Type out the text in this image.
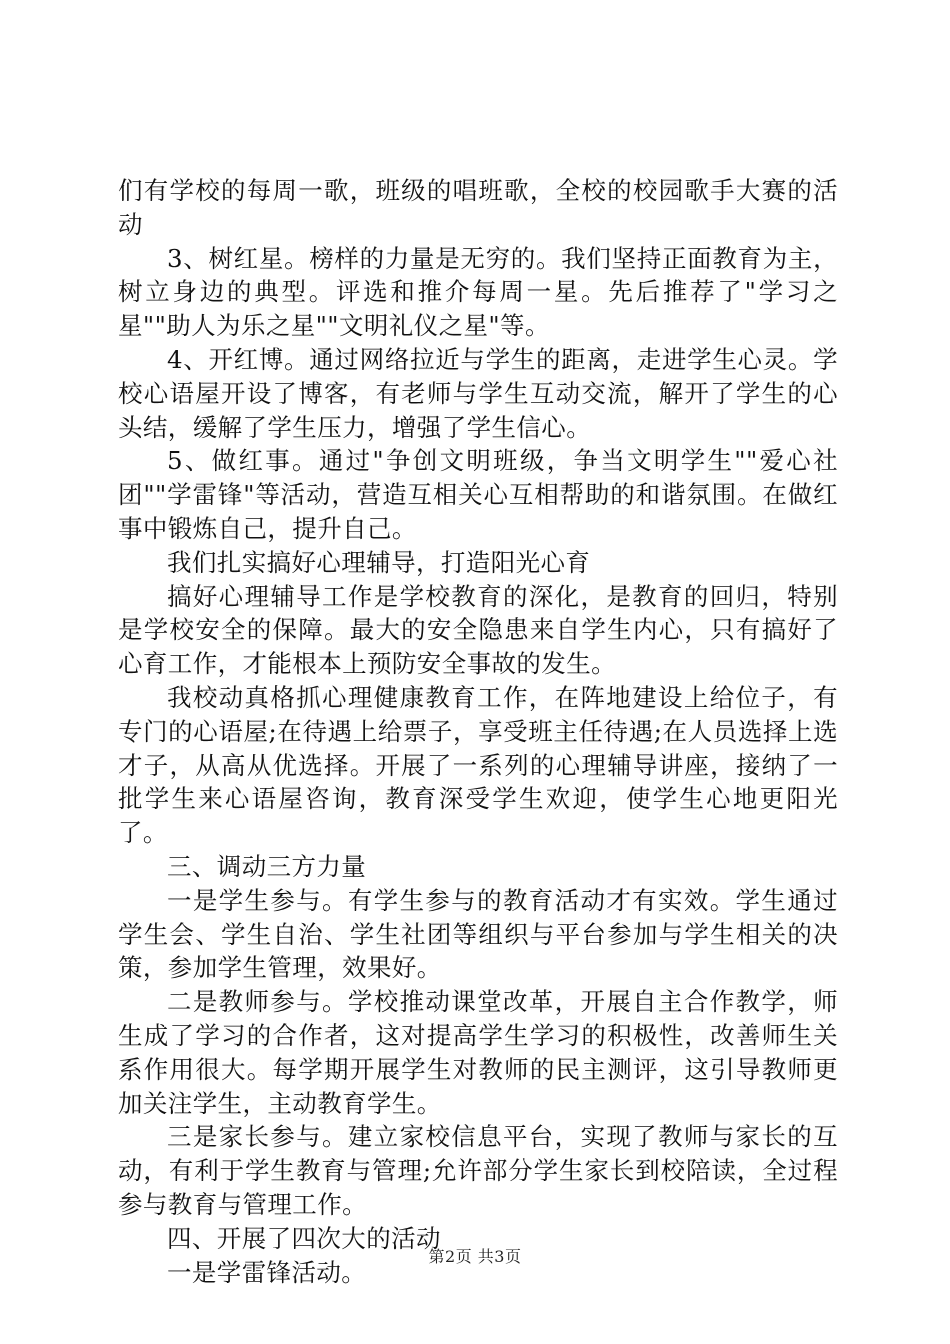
们有学校的每周一歌，班级的唱班歌，全校的校园歌手大赛的活动

3、树红星。榜样的力量是无穷的。我们坚持正面教育为主，树立身边的典型。评选和推介每周一星。先后推荐了"学习之星""助人为乐之星""文明礼仪之星"等。

4、开红博。通过网络拉近与学生的距离，走进学生心灵。学校心语屋开设了博客，有老师与学生互动交流，解开了学生的心头结，缓解了学生压力，增强了学生信心。

5、做红事。通过"争创文明班级，争当文明学生""爱心社团""学雷锋"等活动，营造互相关心互相帮助的和谐氛围。在做红事中锻炼自己，提升自己。

我们扎实搞好心理辅导，打造阳光心育

搞好心理辅导工作是学校教育的深化，是教育的回归，特别是学校安全的保障。最大的安全隐患来自学生内心，只有搞好了心育工作，才能根本上预防安全事故的发生。

我校动真格抓心理健康教育工作，在阵地建设上给位子，有专门的心语屋;在待遇上给票子，享受班主任待遇;在人员选择上选才子，从高从优选择。开展了一系列的心理辅导讲座，接纳了一批学生来心语屋咨询，教育深受学生欢迎，使学生心地更阳光了。

三、调动三方力量

一是学生参与。有学生参与的教育活动才有实效。学生通过学生会、学生自治、学生社团等组织与平台参加与学生相关的决策，参加学生管理，效果好。

二是教师参与。学校推动课堂改革，开展自主合作教学，师生成了学习的合作者，这对提高学生学习的积极性，改善师生关系作用很大。每学期开展学生对教师的民主测评，这引导教师更加关注学生，主动教育学生。

三是家长参与。建立家校信息平台，实现了教师与家长的互动，有利于学生教育与管理;允许部分学生家长到校陪读，全过程参与教育与管理工作。

四、开展了四次大的活动

一是学雷锋活动。

第2页 共3页
